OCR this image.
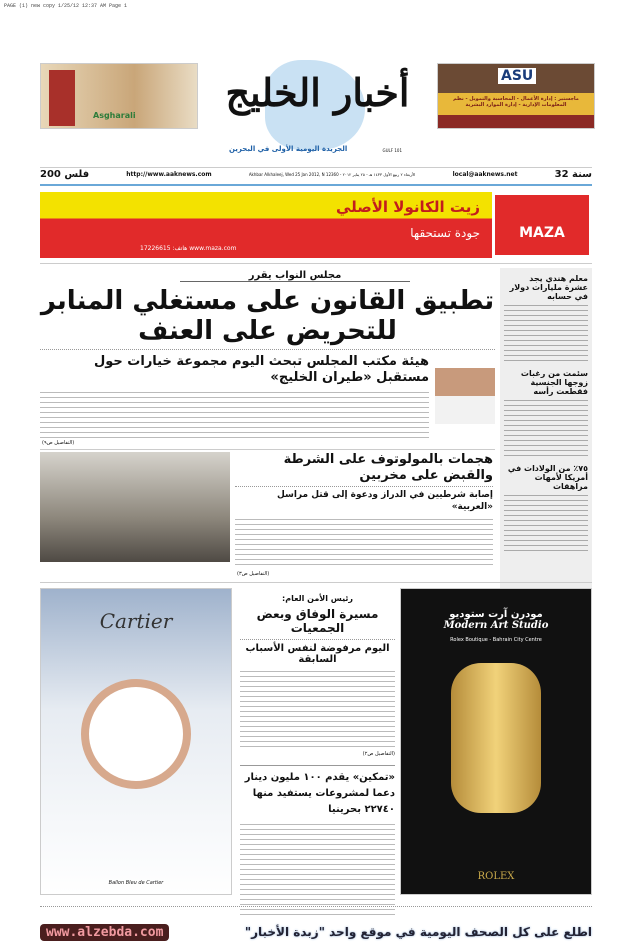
PAGE (1) new copy 1/25/12 12:37 AM Page 1
Asgharali
أخبار الخليج
الجريدة اليومية الأولى في البحرين	GULF 101
ASU
ماجستير : إدارة الأعمال - المحاسبة والتمويل - نظم المعلومات الإدارية - إدارة الموارد البشرية
200 فلس	http://www.aaknews.com	Akhbar Alkhaleej, Wed 25 Jan 2012, N 12360 - الأربعاء ٢ ربيع الأول ١٤٣٣ هـ - ٢٥ يناير ٢٠١٢	local@aaknews.net	32 سنة
زيت الكانولا الأصلي
جودة تستحقها
هاتف: 17226615 www.maza.com
MAZA
معلم هندي يجد عشرة مليارات دولار في حسابه
سئمت من رغبات زوجها الجنسية فقطعت رأسه
٧٥٪ من الولادات في أمريكا لأمهات مراهقات
مجلس النواب يقرر
تطبيق القانون على مستغلي المنابر للتحريض على العنف
هيئة مكتب المجلس تبحث اليوم مجموعة خيارات حول مستقبل «طيران الخليج»
(التفاصيل ص٩)
هجمات بالمولوتوف على الشرطة والقبض على مخربين
إصابة شرطيين في الدراز ودعوة إلى قتل مراسل «العربية»
(التفاصيل ص٣)
Cartier
Ballon Bleu de Cartier
رئيس الأمن العام:
مسيرة الوفاق وبعض الجمعيات
اليوم مرفوضة لنفس الأسباب السابقة
(التفاصيل ص٢)
«تمكين» يقدم ١٠٠ مليون دينار دعما لمشروعات يستفيد منها ٢٢٧٤٠ بحرينيا
مودرن آرت ستوديو
Modern Art Studio
Rolex Boutique - Bahrain City Centre
ROLEX
www.alzebda.com	اطلع على كل الصحف اليومية في موقع واحد "زبدة الأخبار"
